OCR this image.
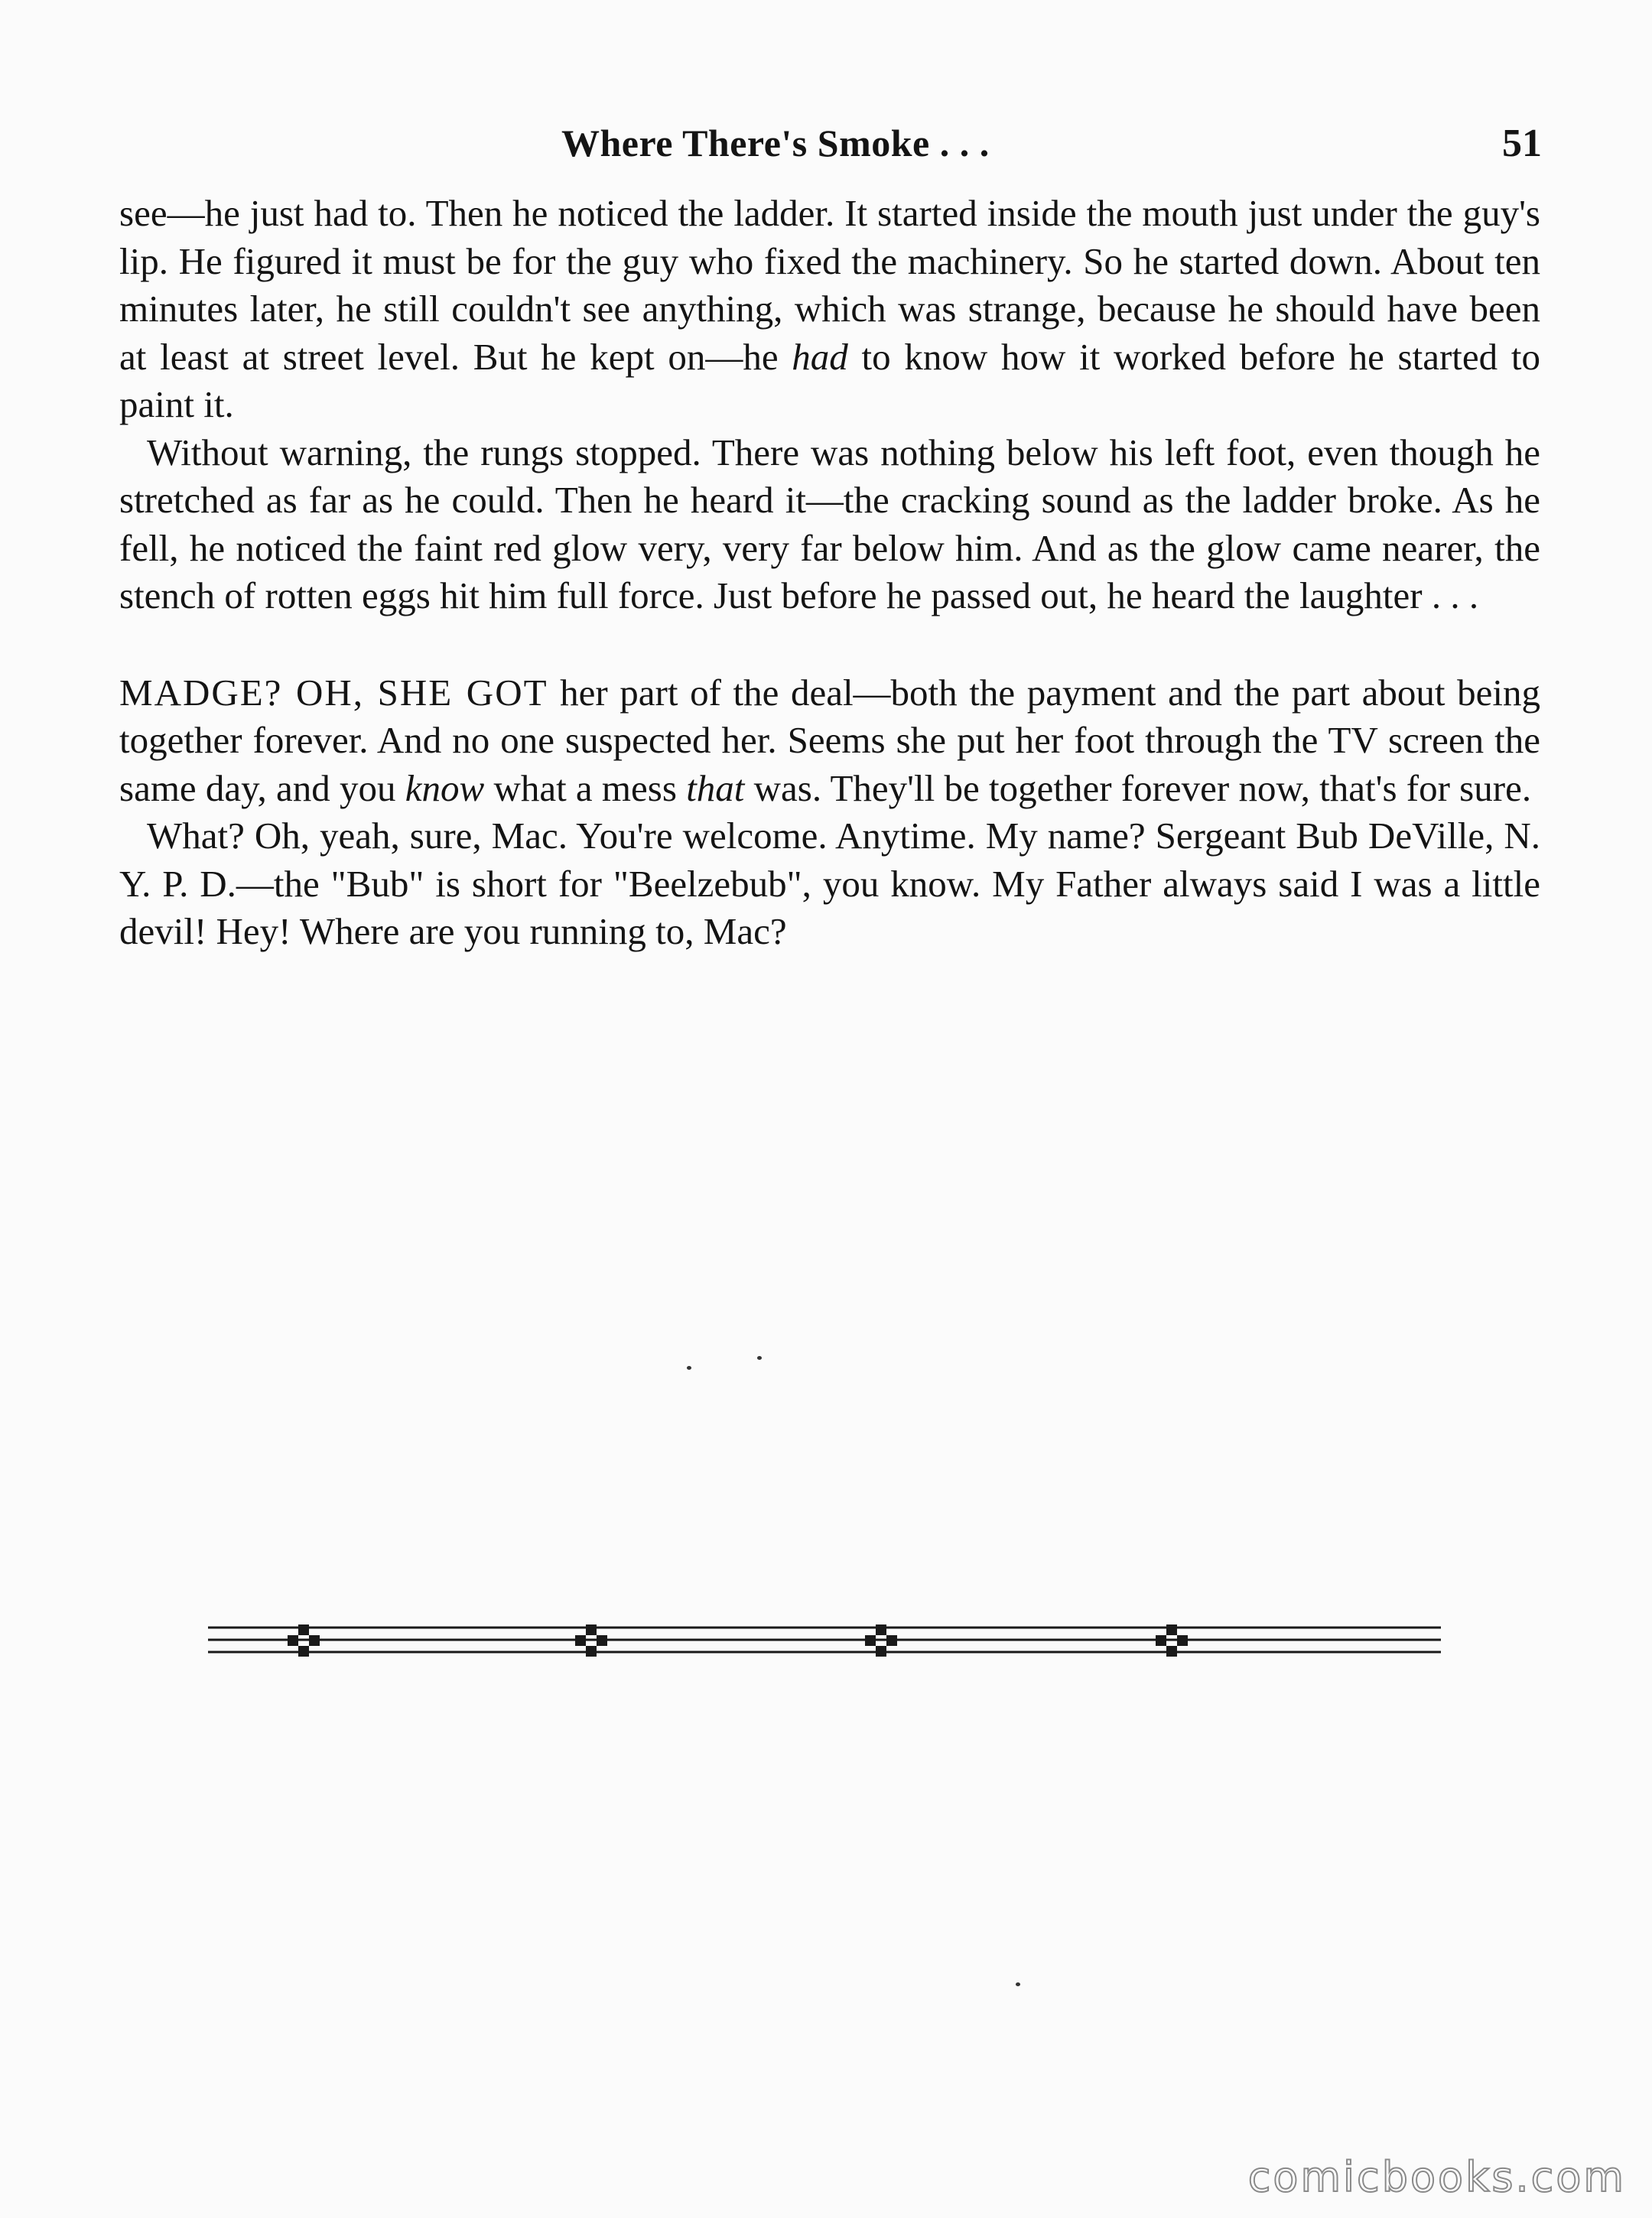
Where There's Smoke . . .	51

see—he just had to. Then he noticed the ladder. It started inside the mouth just under the guy's lip. He figured it must be for the guy who fixed the machinery. So he started down. About ten minutes later, he still couldn't see anything, which was strange, because he should have been at least at street level. But he kept on—he had to know how it worked before he started to paint it.

Without warning, the rungs stopped. There was nothing below his left foot, even though he stretched as far as he could. Then he heard it—the cracking sound as the ladder broke. As he fell, he noticed the faint red glow very, very far below him. And as the glow came nearer, the stench of rotten eggs hit him full force. Just before he passed out, he heard the laughter . . .

MADGE? OH, SHE GOT her part of the deal—both the payment and the part about being together forever. And no one suspected her. Seems she put her foot through the TV screen the same day, and you know what a mess that was. They'll be together forever now, that's for sure.

What? Oh, yeah, sure, Mac. You're welcome. Anytime. My name? Sergeant Bub DeVille, N. Y. P. D.—the "Bub" is short for "Beelzebub", you know. My Father always said I was a little devil! Hey! Where are you running to, Mac?

comicbooks.com
